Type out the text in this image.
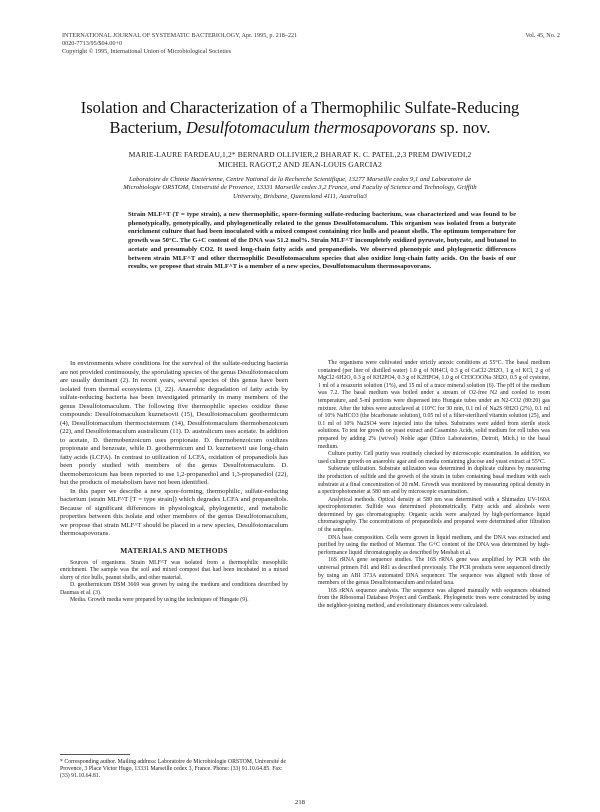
INTERNATIONAL JOURNAL OF SYSTEMATIC BACTERIOLOGY, Apr. 1995, p. 218–221
0020-7713/95/$04.00+0
Copyright © 1995, International Union of Microbiological Societies
Vol. 45, No. 2
Isolation and Characterization of a Thermophilic Sulfate-Reducing
Bacterium, Desulfotomaculum thermosapovorans sp. nov.
MARIE-LAURE FARDEAU,1,2* BERNARD OLLIVIER,2 BHARAT K. C. PATEL,2,3 PREM DWIVEDI,2
MICHEL RAGOT,2 AND JEAN-LOUIS GARCIA2
Laboratoire de Chimie Bactérienne, Centre National de la Recherche Scientifique, 13277 Marseille cedex 9,1 and Laboratoire de Microbiologie ORSTOM, Université de Provence, 13331 Marseille cedex 3,2 France, and Faculty of Science and Technology, Griffith University, Brisbane, Queensland 4111, Australia3
Strain MLF^T (T = type strain), a new thermophilic, spore-forming sulfate-reducing bacterium, was characterized and was found to be phenotypically, genotypically, and phylogenetically related to the genus Desulfotomaculum. This organism was isolated from a butyrate enrichment culture that had been inoculated with a mixed compost containing rice hulls and peanut shells. The optimum temperature for growth was 50°C. The G+C content of the DNA was 51.2 mol%. Strain MLF^T incompletely oxidized pyruvate, butyrate, and butanol to acetate and presumably CO2. It used long-chain fatty acids and propanediols. We observed phenotypic and phylogenetic differences between strain MLF^T and other thermophilic Desulfotomaculum species that also oxidize long-chain fatty acids. On the basis of our results, we propose that strain MLF^T is a member of a new species, Desulfotomaculum thermosapovorans.

In environments where conditions for the survival of the sulfate-reducing bacteria are not provided continuously, the sporulating species of the genus Desulfotomaculum are usually dominant (2). In recent years, several species of this genus have been isolated from thermal ecosystems (3, 22). Anaerobic degradation of fatty acids by sulfate-reducing bacteria has been investigated primarily in many members of the genus Desulfotomaculum. The following five thermophilic species oxidize these compounds: Desulfotomaculum kuznetsovii (15), Desulfotomaculum geothermicum (4), Desulfotomaculum thermocisternum (14), Desulfotomaculum thermobenzoicum (22), and Desulfotomaculum australicum (11). D. australicum uses acetate. In addition to acetate, D. thermobenzoicum uses propionate. D. thermobenzoicum oxidizes propionate and benzoate, while D. geothermicum and D. kuznetsovii use long-chain fatty acids (LCFA). In contrast to utilization of LCFA, oxidation of propanediols has been poorly studied with members of the genus Desulfotomaculum. D. thermobenzoicum has been reported to use 1,2-propanediol and 1,3-propanediol (22), but the products of metabolism have not been identified.

In this paper we describe a new spore-forming, thermophilic, sulfate-reducing bacterium (strain MLF^T [T = type strain]) which degrades LCFA and propanediols. Because of significant differences in physiological, phylogenetic, and metabolic properties between this isolate and other members of the genus Desulfotomaculum, we propose that strain MLF^T should be placed in a new species, Desulfotomaculum thermosapovorans.

MATERIALS AND METHODS

Sources of organisms. Strain MLF^T was isolated from a thermophilic mesophilic enrichment. The sample was the soil and mixed compost that had been incubated in a mixed slurry of rice hulls, peanut shells, and other material.

D. geothermicum DSM 3669 was grown by using the medium and conditions described by Daumas et al. (3).

Media. Growth media were prepared by using the techniques of Hungate (9).

The organisms were cultivated under strictly anoxic conditions at 55°C. The basal medium contained (per liter of distilled water) 1.0 g of NH4Cl, 0.3 g of CaCl2·2H2O, 1 g of KCl, 2 g of MgCl2·6H2O, 0.3 g of KH2PO4, 0.3 g of K2HPO4, 1.0 g of CH3COONa·3H2O, 0.5 g of cysteine, 1 ml of a resazurin solution (1%), and 15 ml of a trace mineral solution (6). The pH of the medium was 7.2. The basal medium was boiled under a stream of O2-free N2 and cooled to room temperature, and 5-ml portions were dispensed into Hungate tubes under an N2-CO2 (80:20) gas mixture. After the tubes were autoclaved at 110°C for 30 min, 0.1 ml of Na2S·9H2O (2%), 0.1 ml of 10% NaHCO3 (the bicarbonate solution), 0.05 ml of a filter-sterilized vitamin solution (25), and 0.1 ml of 10% Na2SO4 were injected into the tubes. Substrates were added from sterile stock solutions. To test for growth on yeast extract and Casamino Acids, solid medium for roll tubes was prepared by adding 2% (wt/vol) Noble agar (Difco Laboratories, Detroit, Mich.) to the basal medium.

Culture purity. Cell purity was routinely checked by microscopic examination. In addition, we used culture growth on anaerobic agar and on media containing glucose and yeast extract at 55°C.

Substrate utilization. Substrate utilization was determined in duplicate cultures by measuring the production of sulfide and the growth of the strain in tubes containing basal medium with each substrate at a final concentration of 20 mM. Growth was monitored by measuring optical density in a spectrophotometer at 580 nm and by microscopic examination.

Analytical methods. Optical density at 580 nm was determined with a Shimadzu UV-160A spectrophotometer. Sulfide was determined photometrically. Fatty acids and alcohols were determined by gas chromatography. Organic acids were analyzed by high-performance liquid chromatography. The concentrations of propanediols and propanol were determined after filtration of the samples.

DNA base composition. Cells were grown in liquid medium, and the DNA was extracted and purified by using the method of Marmur. The G+C content of the DNA was determined by high-performance liquid chromatography as described by Mesbah et al.

16S rRNA gene sequence studies. The 16S rRNA gene was amplified by PCR with the universal primers Fd1 and Rd1 as described previously. The PCR products were sequenced directly by using an ABI 373A automated DNA sequencer. The sequence was aligned with those of members of the genus Desulfotomaculum and related taxa.

16S rRNA sequence analysis. The sequence was aligned manually with sequences obtained from the Ribosomal Database Project and GenBank. Phylogenetic trees were constructed by using the neighbor-joining method, and evolutionary distances were calculated.

* Corresponding author. Mailing address: Laboratoire de Microbiologie ORSTOM, Université de Provence, 3 Place Victor Hugo, 13331 Marseille cedex 3, France. Phone: (33) 91.10.64.85. Fax: (33) 91.10.64.81.
218
